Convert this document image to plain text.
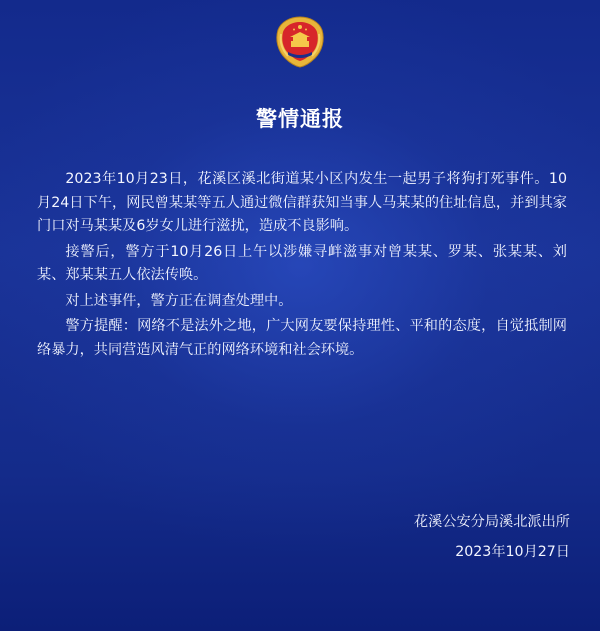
警情通报

2023年10月23日，花溪区溪北街道某小区内发生一起男子将狗打死事件。10月24日下午，网民曾某某等五人通过微信群获知当事人马某某的住址信息，并到其家门口对马某某及6岁女儿进行滋扰，造成不良影响。

接警后，警方于10月26日上午以涉嫌寻衅滋事对曾某某、罗某、张某某、刘某、郑某某五人依法传唤。

对上述事件，警方正在调查处理中。

警方提醒：网络不是法外之地，广大网友要保持理性、平和的态度，自觉抵制网络暴力，共同营造风清气正的网络环境和社会环境。

花溪公安分局溪北派出所
2023年10月27日
